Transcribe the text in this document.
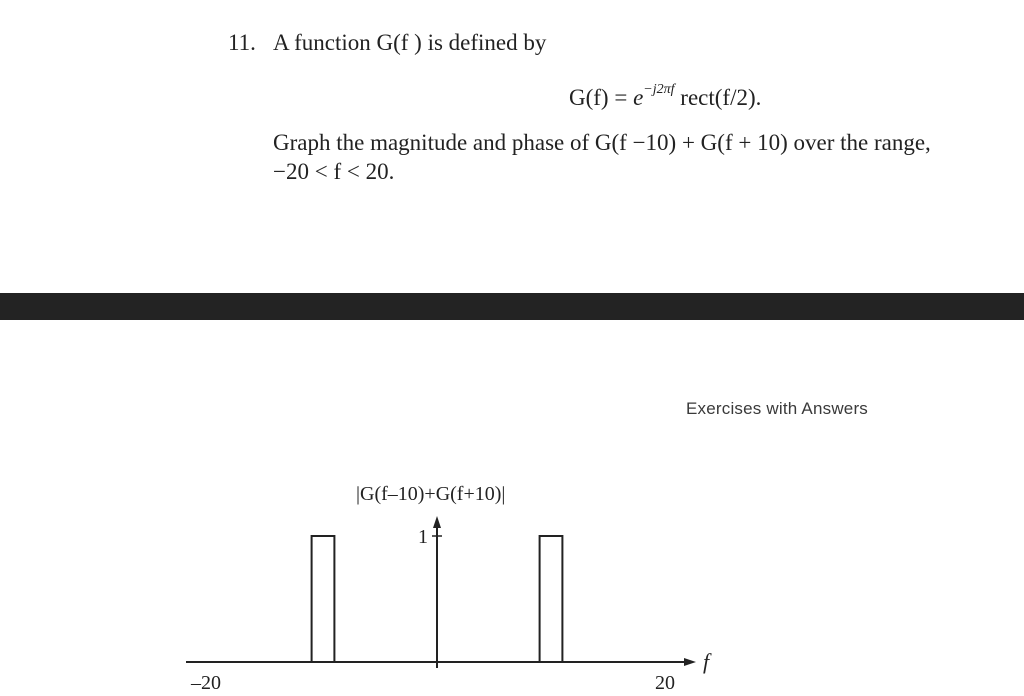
11. A function G(f ) is defined by
$G(f) = e^{-j2\pi f}$ rect(f/2).
Graph the magnitude and phase of G(f −10) + G(f + 10) over the range,
−20 < f < 20.
Exercises with Answers
|G(f–10)+G(f+10)|
f
1
–20	20
